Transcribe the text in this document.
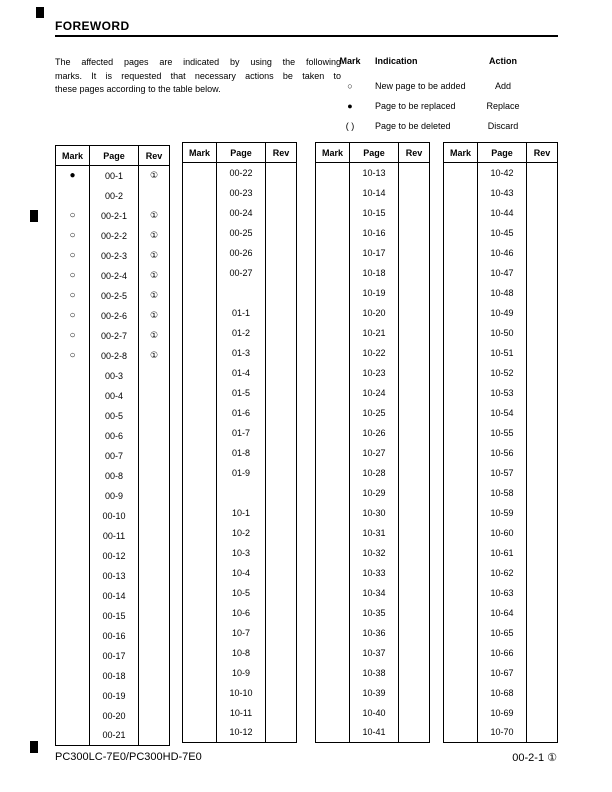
FOREWORD
The affected pages are indicated by using the following
marks. It is requested that necessary actions be taken to
these pages according to the table below.
Mark	Indication	Action
○	New page to be added	Add
●	Page to be replaced	Replace
( )	Page to be deleted	Discard
Mark	Page	Rev
●	00-1	①
	00-2	
○	00-2-1	①
○	00-2-2	①
○	00-2-3	①
○	00-2-4	①
○	00-2-5	①
○	00-2-6	①
○	00-2-7	①
○	00-2-8	①
	00-3	
	00-4	
	00-5	
	00-6	
	00-7	
	00-8	
	00-9	
	00-10	
	00-11	
	00-12	
	00-13	
	00-14	
	00-15	
	00-16	
	00-17	
	00-18	
	00-19	
	00-20	
	00-21	
Mark	Page	Rev
	00-22	
	00-23	
	00-24	
	00-25	
	00-26	
	00-27	

	01-1	
	01-2	
	01-3	
	01-4	
	01-5	
	01-6	
	01-7	
	01-8	
	01-9	

	10-1	
	10-2	
	10-3	
	10-4	
	10-5	
	10-6	
	10-7	
	10-8	
	10-9	
	10-10	
	10-11	
	10-12	
Mark	Page	Rev
	10-13	
	10-14	
	10-15	
	10-16	
	10-17	
	10-18	
	10-19	
	10-20	
	10-21	
	10-22	
	10-23	
	10-24	
	10-25	
	10-26	
	10-27	
	10-28	
	10-29	
	10-30	
	10-31	
	10-32	
	10-33	
	10-34	
	10-35	
	10-36	
	10-37	
	10-38	
	10-39	
	10-40	
	10-41	
Mark	Page	Rev
	10-42	
	10-43	
	10-44	
	10-45	
	10-46	
	10-47	
	10-48	
	10-49	
	10-50	
	10-51	
	10-52	
	10-53	
	10-54	
	10-55	
	10-56	
	10-57	
	10-58	
	10-59	
	10-60	
	10-61	
	10-62	
	10-63	
	10-64	
	10-65	
	10-66	
	10-67	
	10-68	
	10-69	
	10-70	
PC300LC-7E0/PC300HD-7E0	00-2-1 ①
